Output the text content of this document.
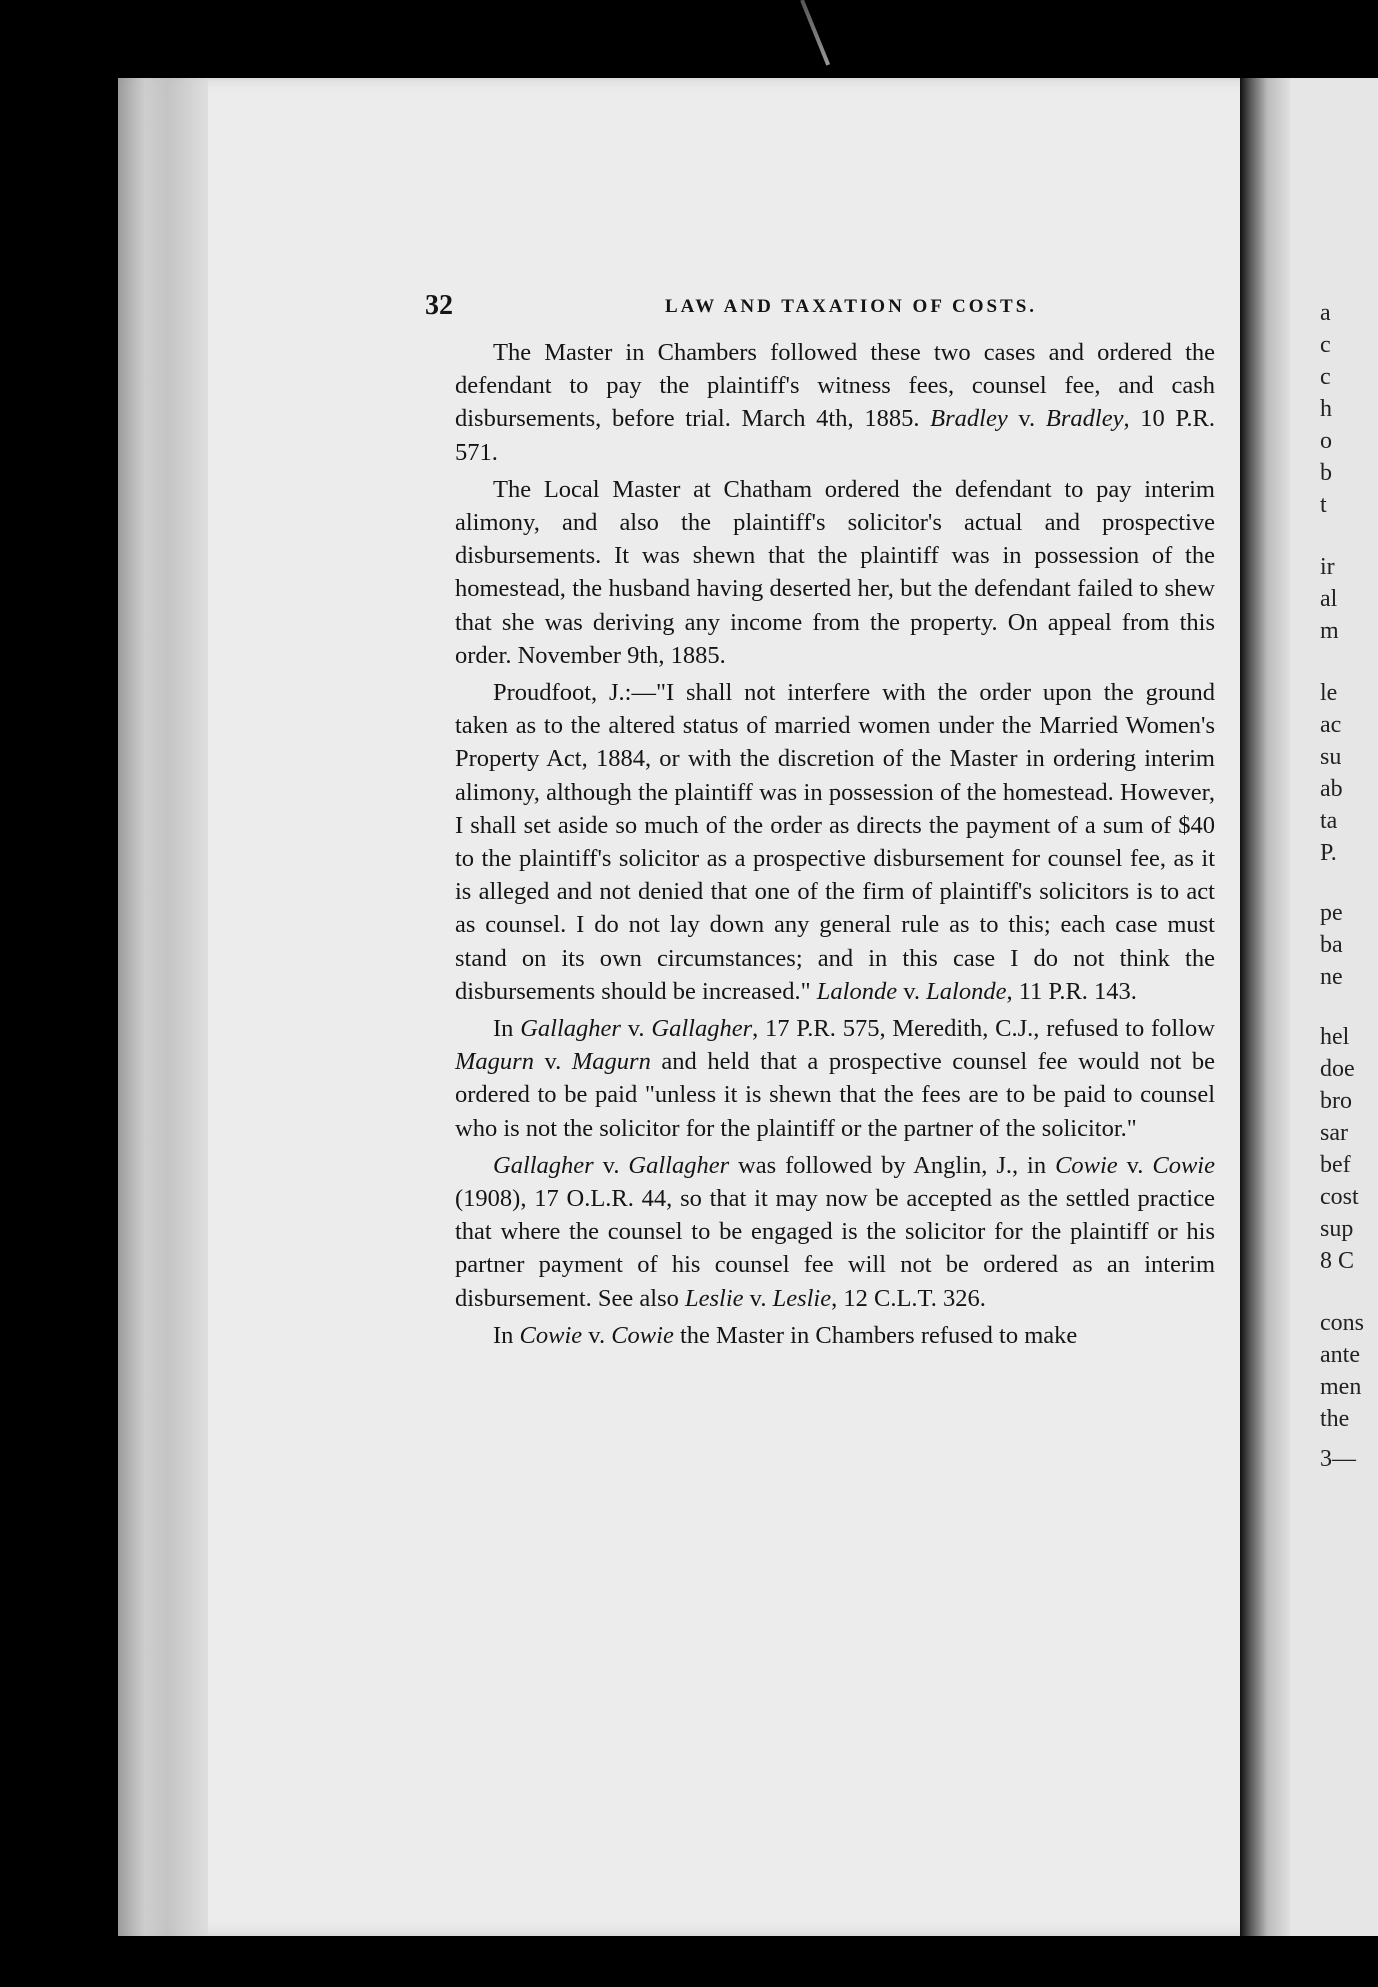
a
c
c
h
o
b
t
ir
al
m
le
ac
su
ab
ta
P.
pe
ba
ne
hel
doe
bro
sar
bef
cost
sup
8 C
cons
ante
men
the
3—
32	LAW AND TAXATION OF COSTS.

The Master in Chambers followed these two cases and ordered the defendant to pay the plaintiff's witness fees, counsel fee, and cash disbursements, before trial. March 4th, 1885. Bradley v. Bradley, 10 P.R. 571.

The Local Master at Chatham ordered the defendant to pay interim alimony, and also the plaintiff's solicitor's actual and prospective disbursements. It was shewn that the plaintiff was in possession of the homestead, the husband having deserted her, but the defendant failed to shew that she was deriving any income from the property. On appeal from this order. November 9th, 1885.

Proudfoot, J.:—"I shall not interfere with the order upon the ground taken as to the altered status of married women under the Married Women's Property Act, 1884, or with the discretion of the Master in ordering interim alimony, although the plaintiff was in possession of the homestead. However, I shall set aside so much of the order as directs the payment of a sum of $40 to the plaintiff's solicitor as a prospective disbursement for counsel fee, as it is alleged and not denied that one of the firm of plaintiff's solicitors is to act as counsel. I do not lay down any general rule as to this; each case must stand on its own circumstances; and in this case I do not think the disbursements should be increased." Lalonde v. Lalonde, 11 P.R. 143.

In Gallagher v. Gallagher, 17 P.R. 575, Meredith, C.J., refused to follow Magurn v. Magurn and held that a prospective counsel fee would not be ordered to be paid "unless it is shewn that the fees are to be paid to counsel who is not the solicitor for the plaintiff or the partner of the solicitor."

Gallagher v. Gallagher was followed by Anglin, J., in Cowie v. Cowie (1908), 17 O.L.R. 44, so that it may now be accepted as the settled practice that where the counsel to be engaged is the solicitor for the plaintiff or his partner payment of his counsel fee will not be ordered as an interim disbursement. See also Leslie v. Leslie, 12 C.L.T. 326.

In Cowie v. Cowie the Master in Chambers refused to make
